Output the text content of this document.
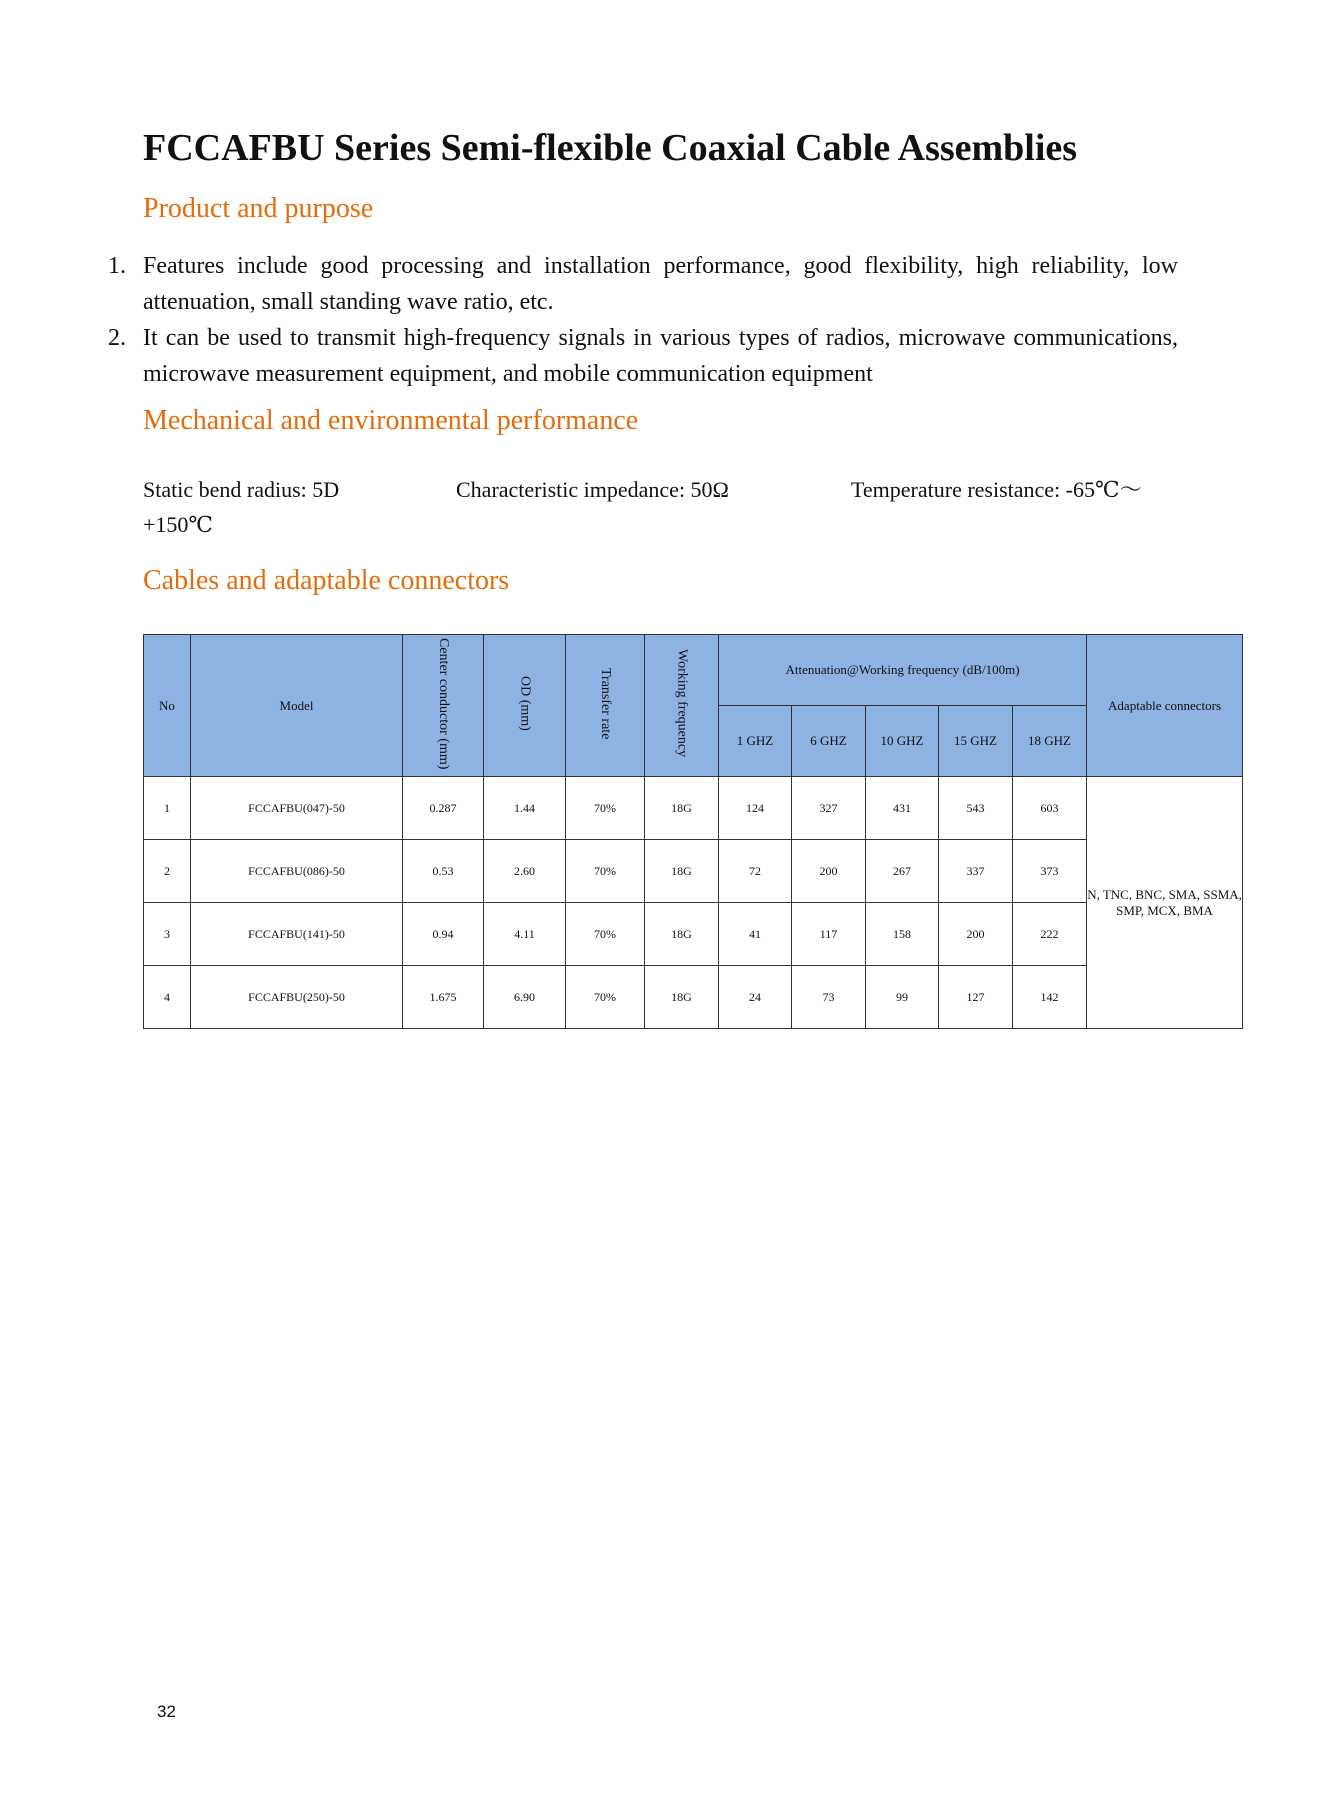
FCCAFBU Series Semi-flexible Coaxial Cable Assemblies
Product and purpose
1. Features include good processing and installation performance, good flexibility, high reliability, low attenuation, small standing wave ratio, etc.
2. It can be used to transmit high-frequency signals in various types of radios, microwave communications, microwave measurement equipment, and mobile communication equipment
Mechanical and environmental performance
Static bend radius: 5D	Characteristic impedance: 50Ω	Temperature resistance: -65℃～
+150℃
Cables and adaptable connectors
No	Model	Center conductor (mm)	OD (mm)	Transfer rate	Working frequency	Attenuation@Working frequency (dB/100m)					Adaptable connectors
						1 GHZ	6 GHZ	10 GHZ	15 GHZ	18 GHZ	
1	FCCAFBU(047)-50	0.287	1.44	70%	18G	124	327	431	543	603	N, TNC, BNC, SMA, SSMA, SMP, MCX, BMA
2	FCCAFBU(086)-50	0.53	2.60	70%	18G	72	200	267	337	373	
3	FCCAFBU(141)-50	0.94	4.11	70%	18G	41	117	158	200	222	
4	FCCAFBU(250)-50	1.675	6.90	70%	18G	24	73	99	127	142	
32
